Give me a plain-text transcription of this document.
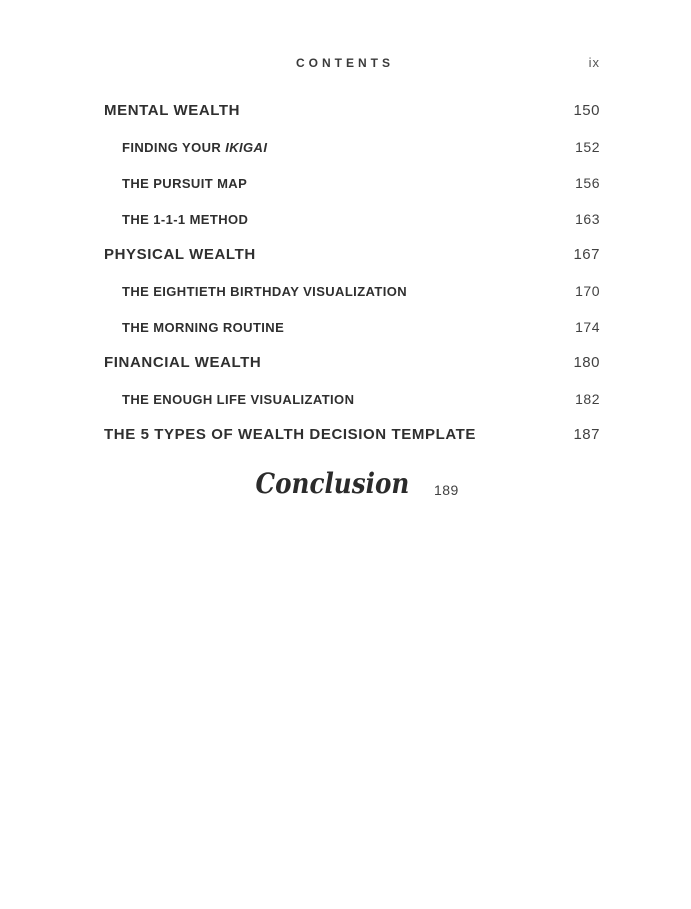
CONTENTS	ix
MENTAL WEALTH	150
FINDING YOUR IKIGAI	152
THE PURSUIT MAP	156
THE 1-1-1 METHOD	163
PHYSICAL WEALTH	167
THE EIGHTIETH BIRTHDAY VISUALIZATION	170
THE MORNING ROUTINE	174
FINANCIAL WEALTH	180
THE ENOUGH LIFE VISUALIZATION	182
THE 5 TYPES OF WEALTH DECISION TEMPLATE	187
Conclusion 189
